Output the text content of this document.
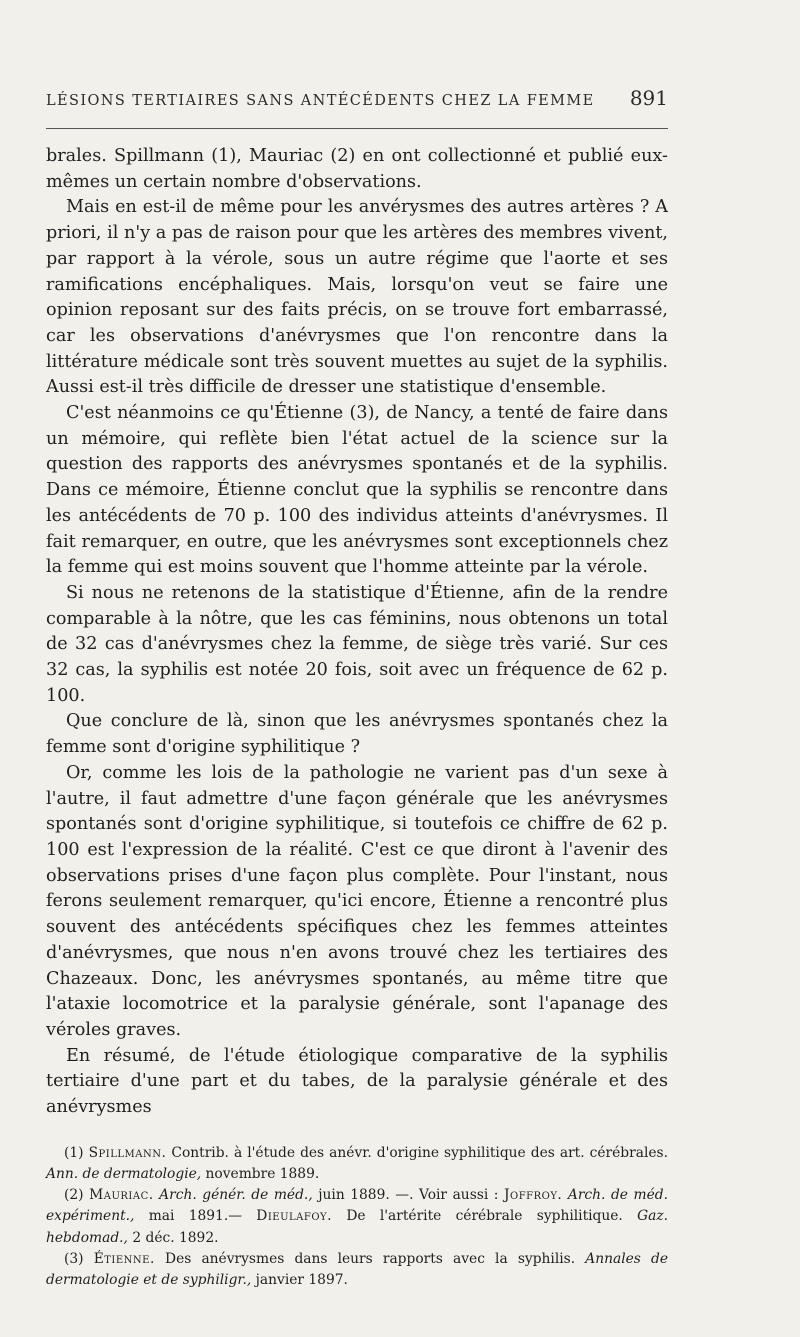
LÉSIONS TERTIAIRES SANS ANTÉCÉDENTS CHEZ LA FEMME 891

brales. Spillmann (1), Mauriac (2) en ont collectionné et publié eux-mêmes un certain nombre d'observations.

Mais en est-il de même pour les anvérysmes des autres artères ? A priori, il n'y a pas de raison pour que les artères des membres vivent, par rapport à la vérole, sous un autre régime que l'aorte et ses ramifications encéphaliques. Mais, lorsqu'on veut se faire une opinion reposant sur des faits précis, on se trouve fort embarrassé, car les observations d'anévrysmes que l'on rencontre dans la littérature médicale sont très souvent muettes au sujet de la syphilis. Aussi est-il très difficile de dresser une statistique d'ensemble.

C'est néanmoins ce qu'Étienne (3), de Nancy, a tenté de faire dans un mémoire, qui reflète bien l'état actuel de la science sur la question des rapports des anévrysmes spontanés et de la syphilis. Dans ce mémoire, Étienne conclut que la syphilis se rencontre dans les antécédents de 70 p. 100 des individus atteints d'anévrysmes. Il fait remarquer, en outre, que les anévrysmes sont exceptionnels chez la femme qui est moins souvent que l'homme atteinte par la vérole.

Si nous ne retenons de la statistique d'Étienne, afin de la rendre comparable à la nôtre, que les cas féminins, nous obtenons un total de 32 cas d'anévrysmes chez la femme, de siège très varié. Sur ces 32 cas, la syphilis est notée 20 fois, soit avec un fréquence de 62 p. 100.

Que conclure de là, sinon que les anévrysmes spontanés chez la femme sont d'origine syphilitique ?

Or, comme les lois de la pathologie ne varient pas d'un sexe à l'autre, il faut admettre d'une façon générale que les anévrysmes spontanés sont d'origine syphilitique, si toutefois ce chiffre de 62 p. 100 est l'expression de la réalité. C'est ce que diront à l'avenir des observations prises d'une façon plus complète. Pour l'instant, nous ferons seulement remarquer, qu'ici encore, Étienne a rencontré plus souvent des antécédents spécifiques chez les femmes atteintes d'anévrysmes, que nous n'en avons trouvé chez les tertiaires des Chazeaux. Donc, les anévrysmes spontanés, au même titre que l'ataxie locomotrice et la paralysie générale, sont l'apanage des véroles graves.

En résumé, de l'étude étiologique comparative de la syphilis tertiaire d'une part et du tabes, de la paralysie générale et des anévrysmes

(1) Spillmann. Contrib. à l'étude des anévr. d'origine syphilitique des art. cérébrales. Ann. de dermatologie, novembre 1889.

(2) Mauriac. Arch. génér. de méd., juin 1889. —. Voir aussi : Joffroy. Arch. de méd. expériment., mai 1891.— Dieulafoy. De l'artérite cérébrale syphilitique. Gaz. hebdomad., 2 déc. 1892.

(3) Étienne. Des anévrysmes dans leurs rapports avec la syphilis. Annales de dermatologie et de syphiligr., janvier 1897.
